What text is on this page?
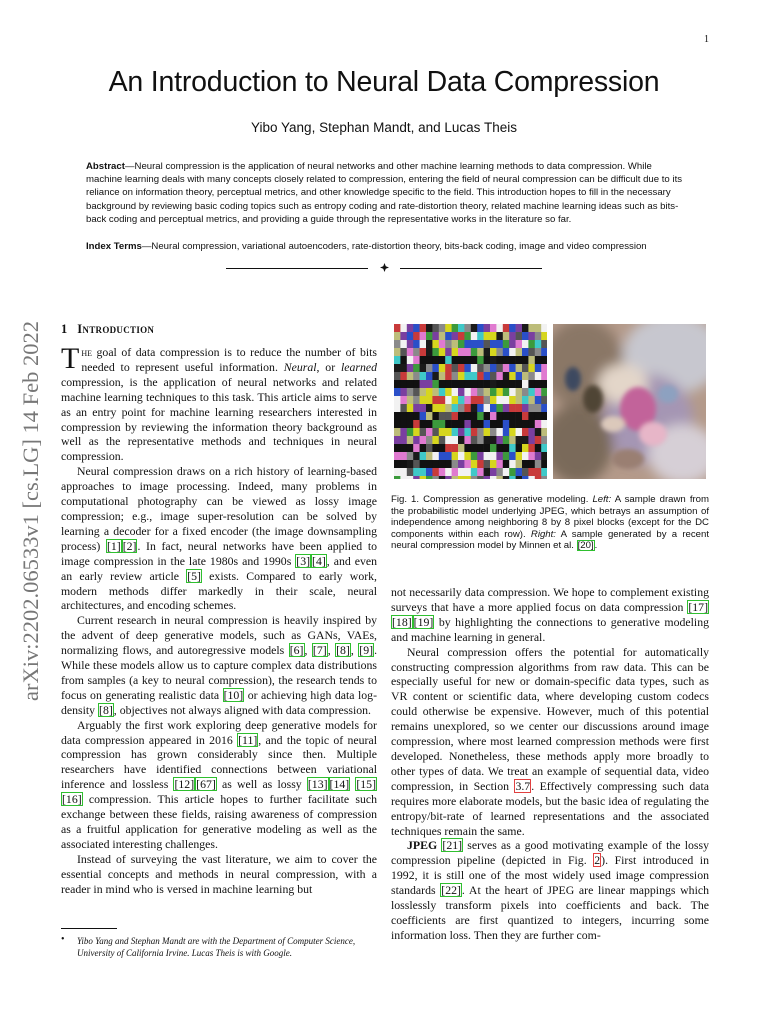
1
An Introduction to Neural Data Compression
Yibo Yang, Stephan Mandt, and Lucas Theis

Abstract—Neural compression is the application of neural networks and other machine learning methods to data compression. While machine learning deals with many concepts closely related to compression, entering the field of neural compression can be difficult due to its reliance on information theory, perceptual metrics, and other knowledge specific to the field. This introduction hopes to fill in the necessary background by reviewing basic coding topics such as entropy coding and rate-distortion theory, related machine learning ideas such as bits-back coding and perceptual metrics, and providing a guide through the representative works in the literature so far.

Index Terms—Neural compression, variational autoencoders, rate-distortion theory, bits-back coding, image and video compression

arXiv:2202.06533v1 [cs.LG] 14 Feb 2022 1 Introduction

The goal of data compression is to reduce the number of bits needed to represent useful information. Neural, or learned compression, is the application of neural networks and related machine learning techniques to this task. This article aims to serve as an entry point for machine learning researchers interested in compression by reviewing the information theory background as well as the representative methods and techniques in neural compression.

Neural compression draws on a rich history of learning-based approaches to image processing. Indeed, many problems in computational photography can be viewed as lossy image compression; e.g., image super-resolution can be solved by learning a decoder for a fixed encoder (the image downsampling process) [1] [2]. In fact, neural networks have been applied to image compression in the late 1980s and 1990s [3] [4], and even an early review article [5] exists. Compared to early work, modern methods differ markedly in their scale, neural architectures, and encoding schemes.

Current research in neural compression is heavily inspired by the advent of deep generative models, such as GANs, VAEs, normalizing flows, and autoregressive models [6], [7], [8], [9]. While these models allow us to capture complex data distributions from samples (a key to neural compression), the research tends to focus on generating realistic data [10] or achieving high data log-density [8], objectives not always aligned with data compression.

Arguably the first work exploring deep generative models for data compression appeared in 2016 [11], and the topic of neural compression has grown considerably since then. Multiple researchers have identified connections between variational inference and lossless [12] [67] as well as lossy [13] [14] [15][16] compression. This article hopes to further facilitate such exchange between these fields, raising awareness of compression as a fruitful application for generative modeling as well as the associated interesting challenges.

Instead of surveying the vast literature, we aim to cover the essential concepts and methods in neural compression, with a reader in mind who is versed in machine learning but

• Yibo Yang and Stephan Mandt are with the Department of Computer Science, University of California Irvine. Lucas Theis is with Google.
Fig. 1. Compression as generative modeling. Left: A sample drawn from the probabilistic model underlying JPEG, which betrays an assumption of independence among neighboring 8 by 8 pixel blocks (except for the DC components within each row). Right: A sample generated by a recent neural compression model by Minnen et al. [20].

not necessarily data compression. We hope to complement existing surveys that have a more applied focus on data compression [17][18] [19] by highlighting the connections to generative modeling and machine learning in general.

Neural compression offers the potential for automatically constructing compression algorithms from raw data. This can be especially useful for new or domain-specific data types, such as VR content or scientific data, where developing custom codecs could otherwise be expensive. However, much of this potential remains unexplored, so we center our discussions around image compression, where most learned compression methods were first developed. Nonetheless, these methods apply more broadly to other types of data. We treat an example of sequential data, video compression, in Section 3.7. Effectively compressing such data requires more elaborate models, but the basic idea of regulating the entropy/bit-rate of learned representations and the associated techniques remain the same.

JPEG [21] serves as a good motivating example of the lossy compression pipeline (depicted in Fig. 2). First introduced in 1992, it is still one of the most widely used image compression standards [22]. At the heart of JPEG are linear mappings which losslessly transform pixels into coefficients and back. The coefficients are first quantized to integers, incurring some information loss. Then they are further com-
